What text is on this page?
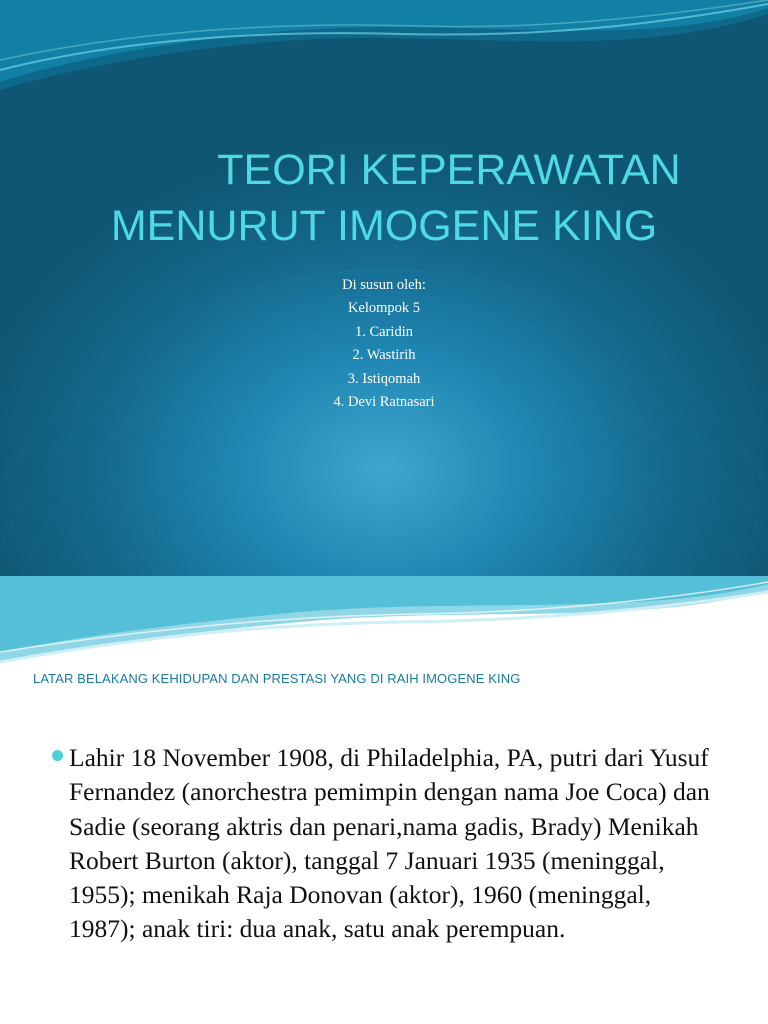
TEORI KEPERAWATAN
MENURUT IMOGENE KING
Di susun oleh:
Kelompok 5
1. Caridin
2. Wastirih
3. Istiqomah
4. Devi Ratnasari
LATAR BELAKANG KEHIDUPAN DAN PRESTASI YANG DI RAIH IMOGENE KING

Lahir 18 November 1908, di Philadelphia, PA, putri dari Yusuf Fernandez (anorchestra pemimpin dengan nama Joe Coca) dan Sadie (seorang aktris dan penari,nama gadis, Brady) Menikah Robert Burton (aktor), tanggal 7 Januari 1935 (meninggal, 1955); menikah Raja Donovan (aktor), 1960 (meninggal, 1987); anak tiri: dua anak, satu anak perempuan.
